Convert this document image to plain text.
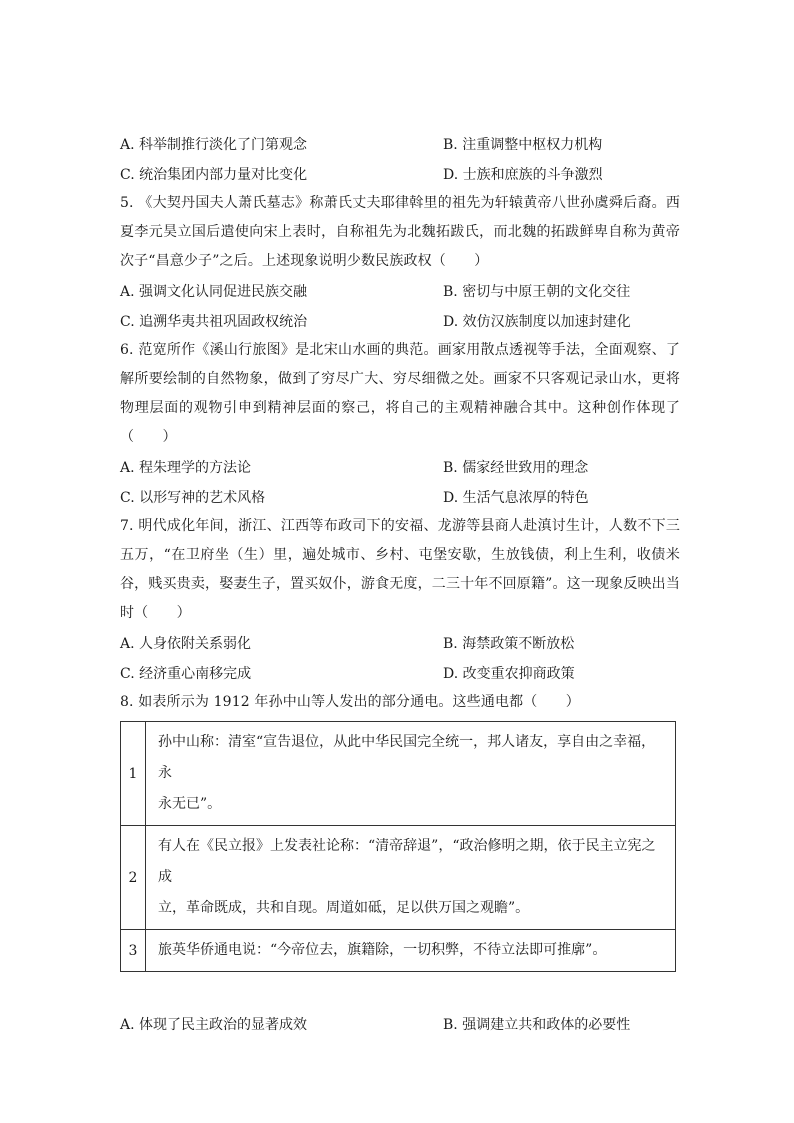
A. 科举制推行淡化了门第观念	B. 注重调整中枢权力机构
C. 统治集团内部力量对比变化	D. 士族和庶族的斗争激烈
5. 《大契丹国夫人萧氏墓志》称萧氏丈夫耶律斡里的祖先为轩辕黄帝八世孙虞舜后裔。西
夏李元昊立国后遣使向宋上表时，自称祖先为北魏拓跋氏，而北魏的拓跋鲜卑自称为黄帝
次子“昌意少子”之后。上述现象说明少数民族政权（　　）
A. 强调文化认同促进民族交融	B. 密切与中原王朝的文化交往
C. 追溯华夷共祖巩固政权统治	D. 效仿汉族制度以加速封建化
6. 范宽所作《溪山行旅图》是北宋山水画的典范。画家用散点透视等手法，全面观察、了
解所要绘制的自然物象，做到了穷尽广大、穷尽细微之处。画家不只客观记录山水，更将
物理层面的观物引申到精神层面的察己，将自己的主观精神融合其中。这种创作体现了
（　　）
A. 程朱理学的方法论	B. 儒家经世致用的理念
C. 以形写神的艺术风格	D. 生活气息浓厚的特色
7. 明代成化年间，浙江、江西等布政司下的安福、龙游等县商人赴滇讨生计，人数不下三
五万，“在卫府坐（生）里，遍处城市、乡村、屯堡安歇，生放钱债，利上生利，收债米
谷，贱买贵卖，娶妻生子，置买奴仆，游食无度，二三十年不回原籍”。这一现象反映出当
时（　　）
A. 人身依附关系弱化	B. 海禁政策不断放松
C. 经济重心南移完成	D. 改变重农抑商政策
8. 如表所示为 1912 年孙中山等人发出的部分通电。这些通电都（　　）
1	孙中山称：清室“宣告退位，从此中华民国完全统一，邦人诸友，享自由之幸福，永
永无已”。

2	有人在《民立报》上发表社论称：“清帝辞退”，“政治修明之期，依于民主立宪之成
立，革命既成，共和自现。周道如砥，足以供万国之观瞻”。

3	旅英华侨通电说：“今帝位去，旗籍除，一切积弊，不待立法即可推廓”。
A. 体现了民主政治的显著成效	B. 强调建立共和政体的必要性
